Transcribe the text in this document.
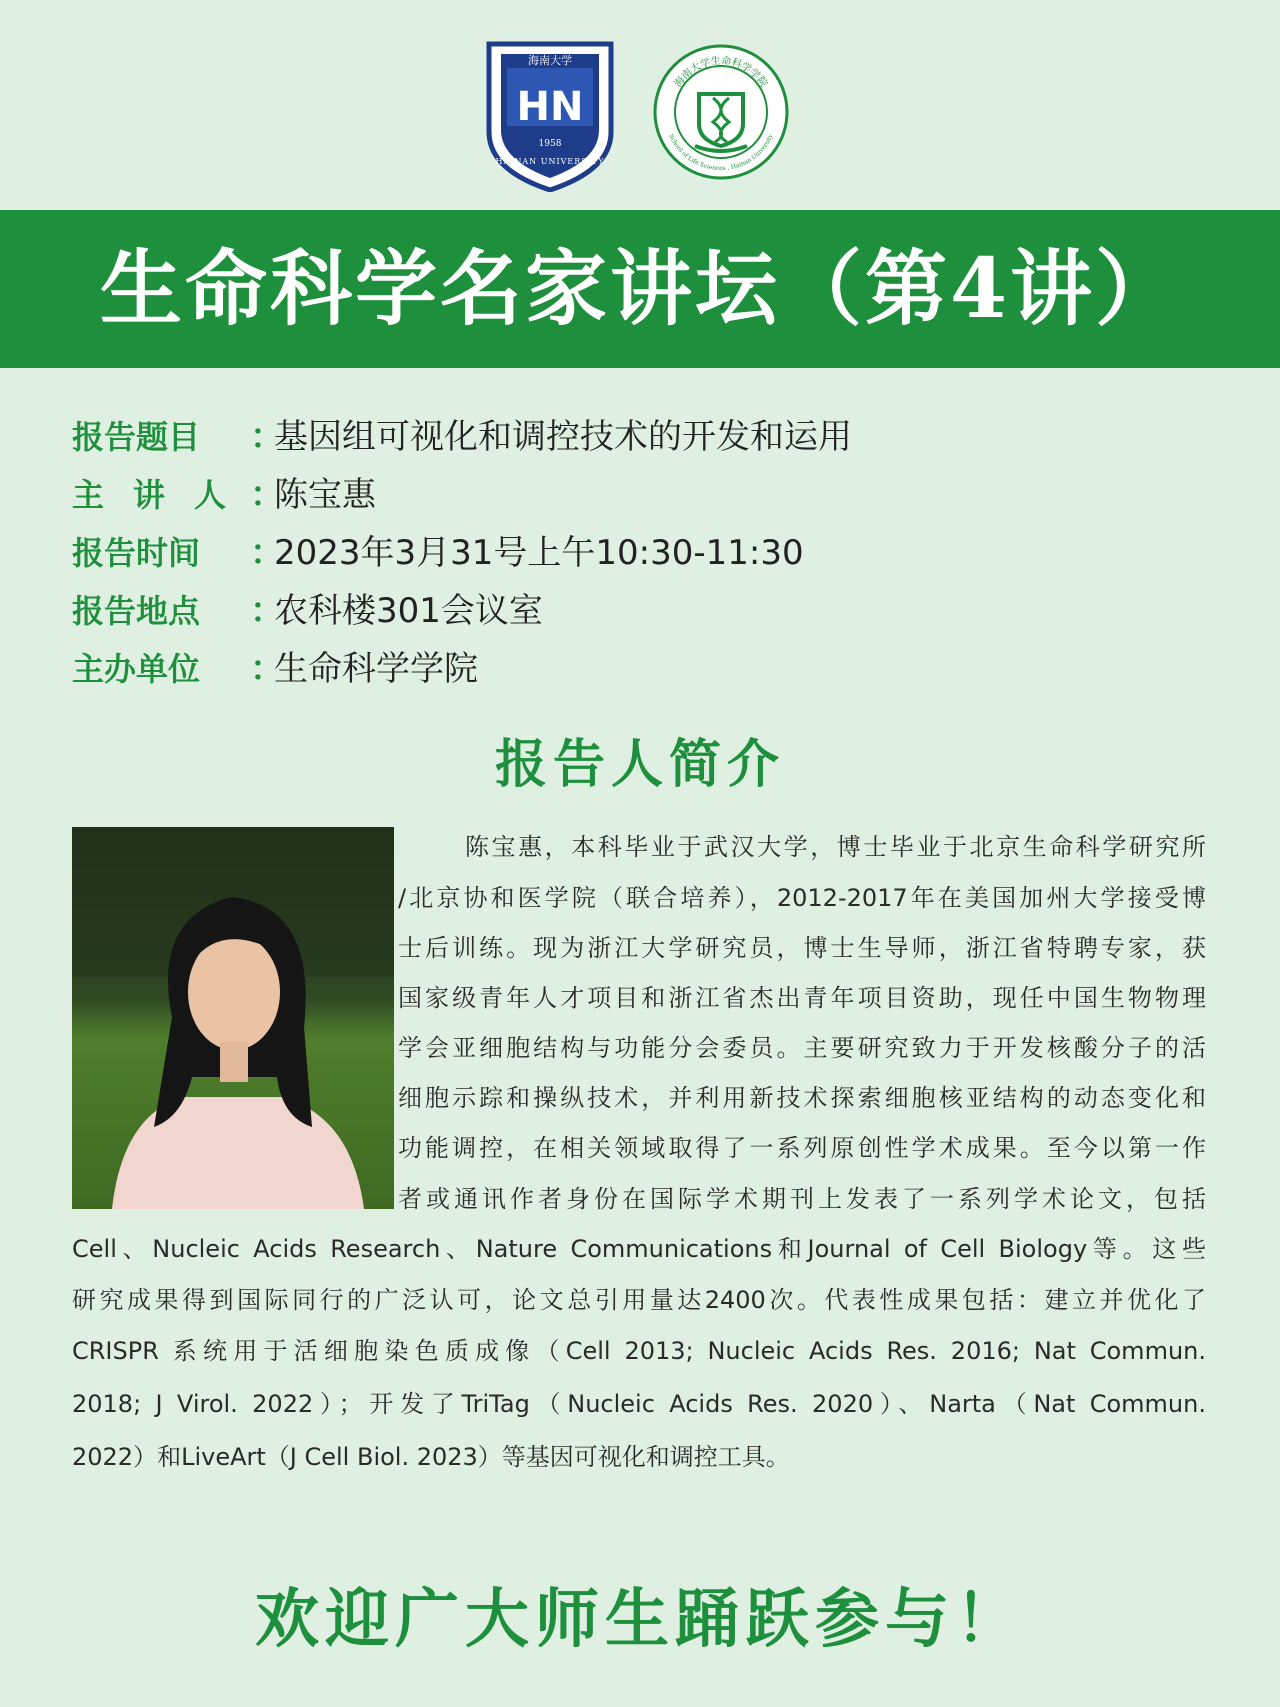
海南大学
HN
1958
HAINAN UNIVERSITY
海南大学生命科学学院
School of Life Sciences , Hainan University
生命科学名家讲坛（第4讲）
报告题目 ：基因组可视化和调控技术的开发和运用
主讲人：陈宝惠
报告时间 ：2023年3月31号上午10:30-11:30
报告地点 ：农科楼301会议室
主办单位 ：生命科学学院
报告人简介
陈宝惠，本科毕业于武汉大学，博士毕业于北京生命科学研究所
/北京协和医学院（联合培养），2012-2017年在美国加州大学接受博
士后训练。现为浙江大学研究员，博士生导师，浙江省特聘专家，获
国家级青年人才项目和浙江省杰出青年项目资助，现任中国生物物理
学会亚细胞结构与功能分会委员。主要研究致力于开发核酸分子的活
细胞示踪和操纵技术，并利用新技术探索细胞核亚结构的动态变化和
功能调控，在相关领域取得了一系列原创性学术成果。至今以第一作
者或通讯作者身份在国际学术期刊上发表了一系列学术论文，包括
Cell、Nucleic Acids Research、Nature Communications和Journal of Cell Biology等。这些
研究成果得到国际同行的广泛认可，论文总引用量达2400次。代表性成果包括：建立并优化了
CRISPR 系统用于活细胞染色质成像（Cell 2013; Nucleic Acids Res. 2016; Nat Commun.
2018; J Virol. 2022）；开发了TriTag（Nucleic Acids Res. 2020）、Narta（Nat Commun.
2022）和LiveArt（J Cell Biol. 2023）等基因可视化和调控工具。
欢迎广大师生踊跃参与！
